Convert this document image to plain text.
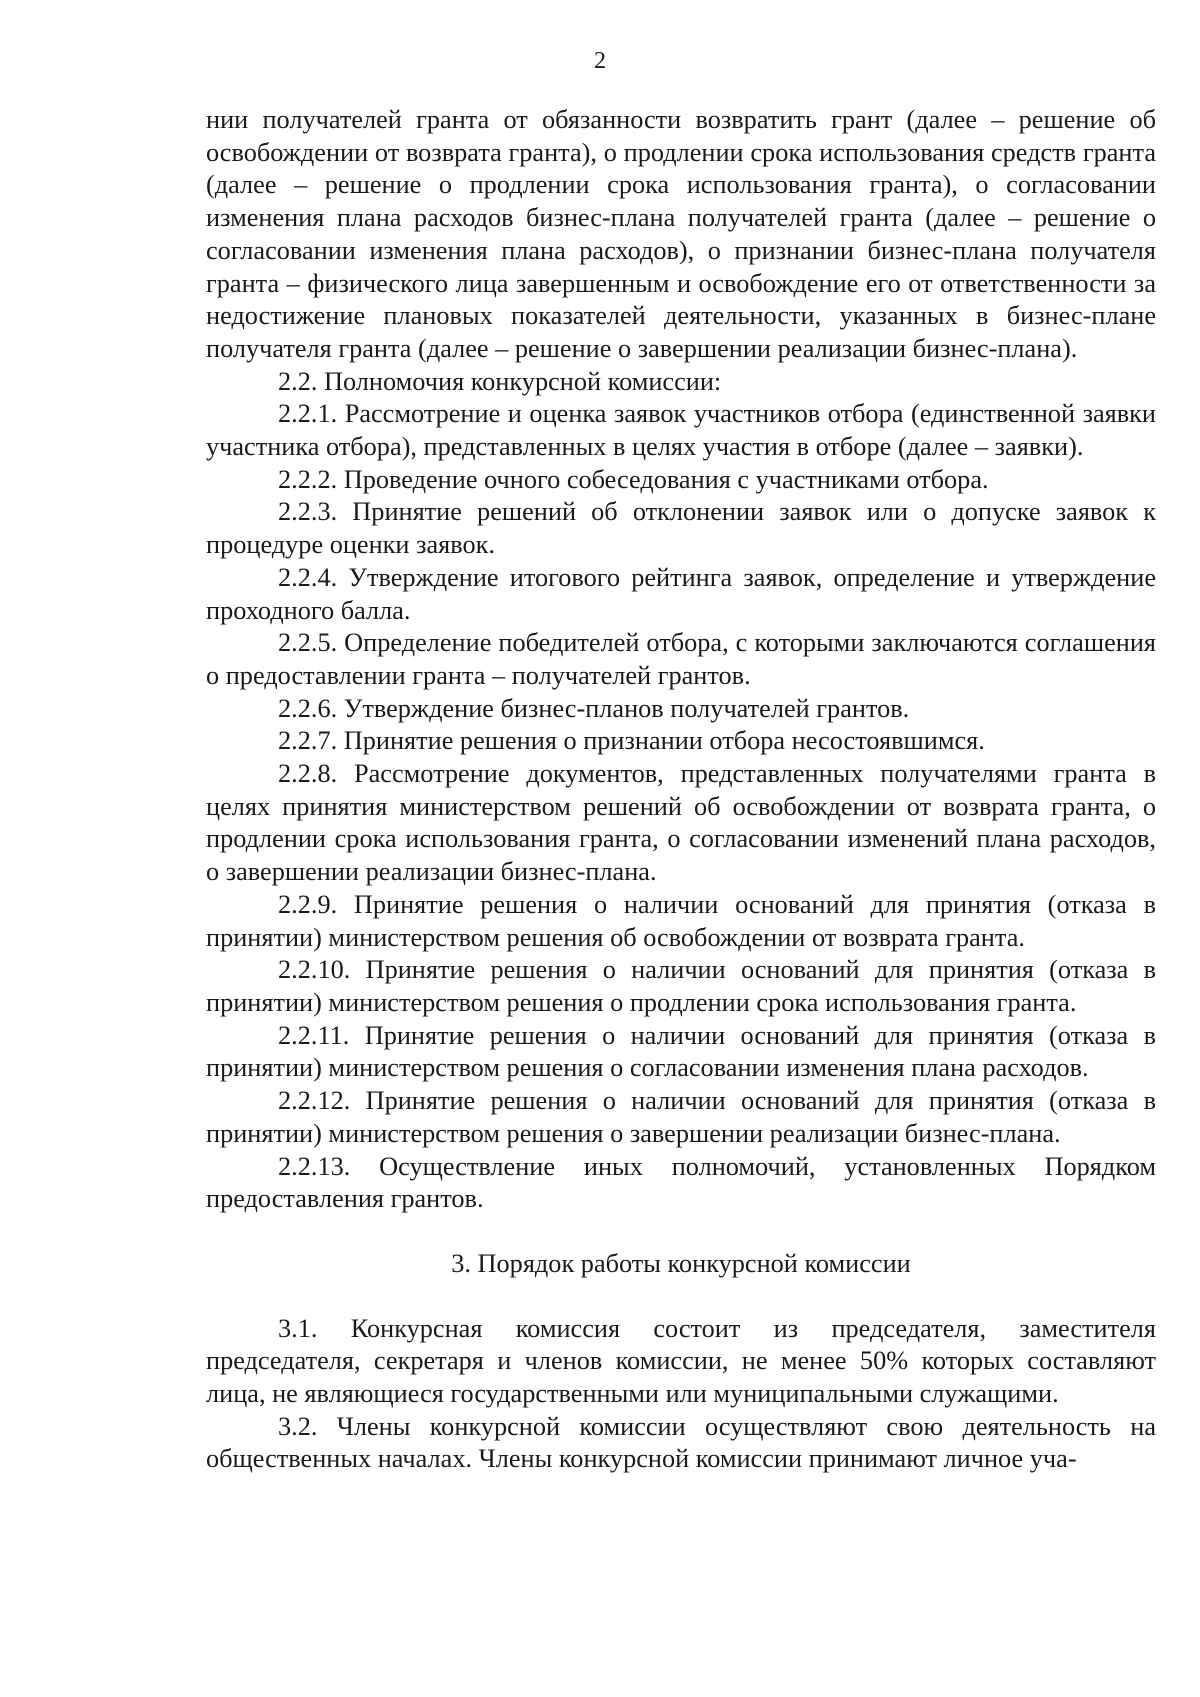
2

нии получателей гранта от обязанности возвратить грант (далее – решение об освобождении от возврата гранта), о продлении срока использования средств гранта (далее – решение о продлении срока использования гранта), о согласовании изменения плана расходов бизнес-плана получателей гранта (далее – решение о согласовании изменения плана расходов), о признании бизнес-плана получателя гранта – физического лица завершенным и освобождение его от ответственности за недостижение плановых показателей деятельности, указанных в бизнес-плане получателя гранта (далее – решение о завершении реализации бизнес-плана).

2.2. Полномочия конкурсной комиссии:

2.2.1. Рассмотрение и оценка заявок участников отбора (единственной заявки участника отбора), представленных в целях участия в отборе (далее – заявки).

2.2.2. Проведение очного собеседования с участниками отбора.

2.2.3. Принятие решений об отклонении заявок или о допуске заявок к процедуре оценки заявок.

2.2.4. Утверждение итогового рейтинга заявок, определение и утверждение проходного балла.

2.2.5. Определение победителей отбора, с которыми заключаются соглашения о предоставлении гранта – получателей грантов.

2.2.6. Утверждение бизнес-планов получателей грантов.

2.2.7. Принятие решения о признании отбора несостоявшимся.

2.2.8. Рассмотрение документов, представленных получателями гранта в целях принятия министерством решений об освобождении от возврата гранта, о продлении срока использования гранта, о согласовании изменений плана расходов, о завершении реализации бизнес-плана.

2.2.9. Принятие решения о наличии оснований для принятия (отказа в принятии) министерством решения об освобождении от возврата гранта.

2.2.10. Принятие решения о наличии оснований для принятия (отказа в принятии) министерством решения о продлении срока использования гранта.

2.2.11. Принятие решения о наличии оснований для принятия (отказа в принятии) министерством решения о согласовании изменения плана расходов.

2.2.12. Принятие решения о наличии оснований для принятия (отказа в принятии) министерством решения о завершении реализации бизнес-плана.

2.2.13. Осуществление иных полномочий, установленных Порядком предоставления грантов.

3. Порядок работы конкурсной комиссии

3.1. Конкурсная комиссия состоит из председателя, заместителя председателя, секретаря и членов комиссии, не менее 50% которых составляют лица, не являющиеся государственными или муниципальными служащими.

3.2. Члены конкурсной комиссии осуществляют свою деятельность на общественных началах. Члены конкурсной комиссии принимают личное уча-
